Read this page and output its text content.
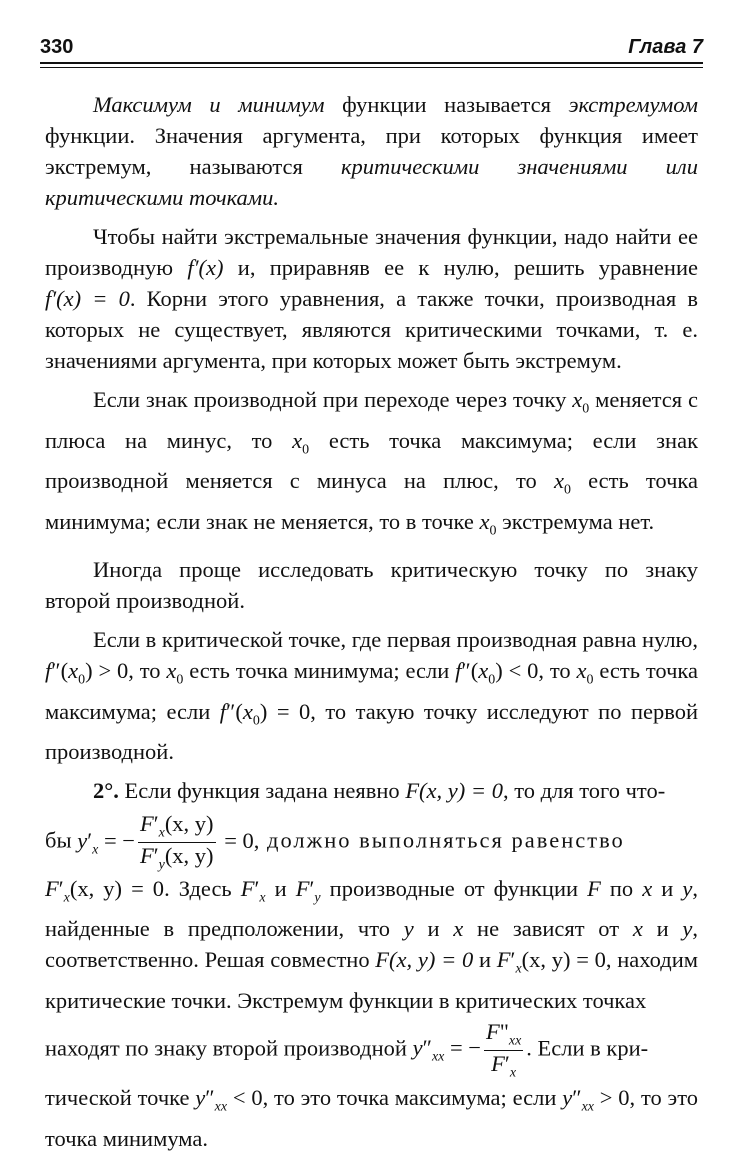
330	Глава 7

Максимум и минимум функции называется экстремумом функции. Значения аргумента, при которых функция имеет экстремум, называются критическими значениями или критическими точками.

Чтобы найти экстремальные значения функции, надо найти ее производную f′(x) и, приравняв ее к нулю, решить уравнение f′(x) = 0. Корни этого уравнения, а также точки, производная в которых не существует, являются критическими точками, т. е. значениями аргумента, при которых может быть экстремум.

Если знак производной при переходе через точку $x_0$ меняется с плюса на минус, то $x_0$ есть точка максимума; если знак производной меняется с минуса на плюс, то $x_0$ есть точка минимума; если знак не меняется, то в точке $x_0$ экстремума нет.

Иногда проще исследовать критическую точку по знаку второй производной.

Если в критической точке, где первая производная равна нулю, $f''(x_0) > 0$, то $x_0$ есть точка минимума; если $f''(x_0) < 0$, то $x_0$ есть точка максимума; если $f''(x_0) = 0$, то такую точку исследуют по первой производной.

2°. Если функция задана неявно F(x, y) = 0, то для того что-

бы $y'_x$ = − $\frac{F'_x(x, y)}{F'_y(x, y)} = 0$, должно выполняться равенство

$F'_x(x$, y) = 0. Здесь $F'_x$ и $F'_y$ производные от функции F по x и y, найденные в предположении, что y и x не зависят от x и y, соответственно. Решая совместно F(x, y) = 0 и $F'_x(x$, y) = 0, находим критические точки. Экстремум функции в критических точках

находят по знаку второй производной $y''_{xx}$ = − $\frac{F"_{xx}}{F'_x}$ . Если в кри-

тической точке $y''_{xx} < 0$, то это точка максимума; если $y''_{xx} > 0$, то это точка минимума.
